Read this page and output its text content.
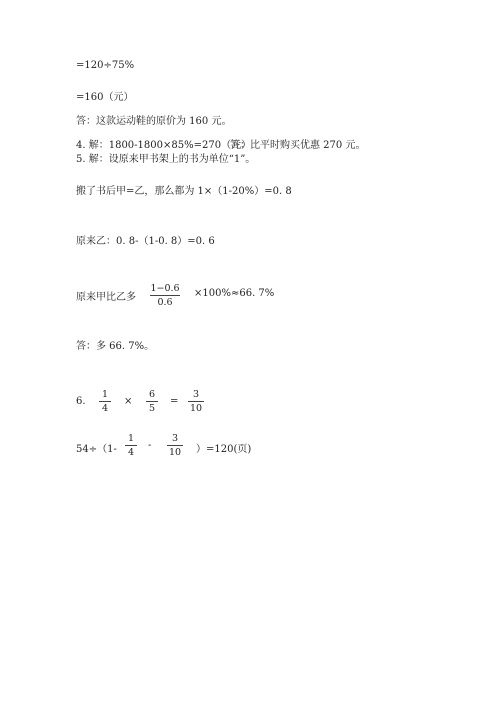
=120÷75%
=160（元）
答：这款运动鞋的原价为 160 元。
4. 解：1800-1800×85%=270（元）
答：比平时购买优惠 270 元。
5. 解：设原来甲书架上的书为单位“1”。
搬了书后甲=乙，那么都为 1×（1-20%）=0. 8
原来乙：0. 8-（1-0. 8）=0. 6
原来甲比乙多
1−0.6
0.6
×100%≈66. 7%
答：多 66. 7%。
6.
1
4
×
6
5
=
3
10
54÷（1-
1
4
-
3
10 ）=120(页)
